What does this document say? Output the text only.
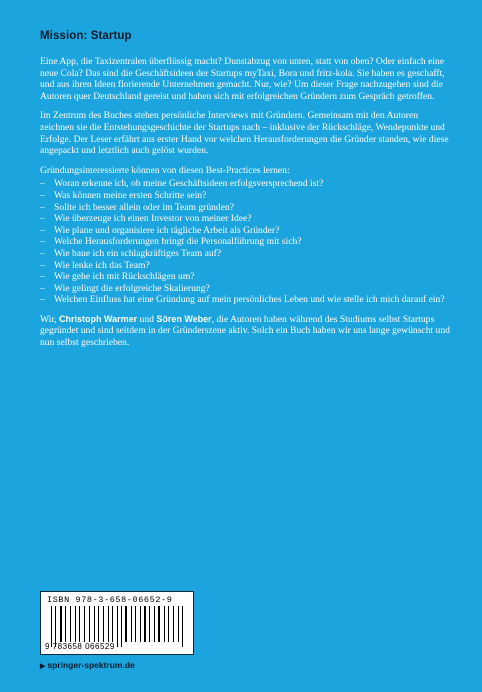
Mission: Startup

Eine App, die Taxizentralen überflüssig macht? Dunstabzug von unten, statt von oben? Oder einfach eine neue Cola? Das sind die Geschäftsideen der Startups myTaxi, Bora und fritz-kola. Sie haben es geschafft, und aus ihren Ideen florierende Unternehmen gemacht. Nur, wie? Um dieser Frage nachzugehen sind die Autoren quer Deutschland gereist und haben sich mit erfolgreichen Gründern zum Gespräch getroffen.

Im Zentrum des Buches stehen persönliche Interviews mit Gründern. Gemeinsam mit den Autoren zeichnen sie die Entstehungsgeschichte der Startups nach – inklusive der Rückschläge, Wendepunkte und Erfolge. Der Leser erfährt aus erster Hand vor welchen Herausforderungen die Gründer standen, wie diese angepackt und letztlich auch gelöst wurden.

Gründungsinteressierte können von diesen Best-Practices lernen:

– Woran erkenne ich, ob meine Geschäftsideen erfolgsversprechend ist?
– Was können meine ersten Schritte sein?
– Sollte ich besser allein oder im Team gründen?
– Wie überzeuge ich einen Investor von meiner Idee?
– Wie plane und organisiere ich tägliche Arbeit als Gründer?
– Welche Herausforderungen bringt die Personalführung mit sich?
– Wie baue ich ein schlagkräftiges Team auf?
– Wie lenke ich das Team?
– Wie gehe ich mit Rückschlägen um?
– Wie gelingt die erfolgreiche Skalierung?
– Welchen Einfluss hat eine Gründung auf mein persönliches Leben und wie stelle ich mich darauf ein?

Wir, Christoph Warmer und Sören Weber, die Autoren haben während des Studiums selbst Startups gegründet und sind seitdem in der Gründerszene aktiv. Solch ein Buch haben wir uns lange gewünscht und nun selbst geschrieben.

ISBN 978-3-658-06652-9
9 783658 066529
▶ springer-spektrum.de
